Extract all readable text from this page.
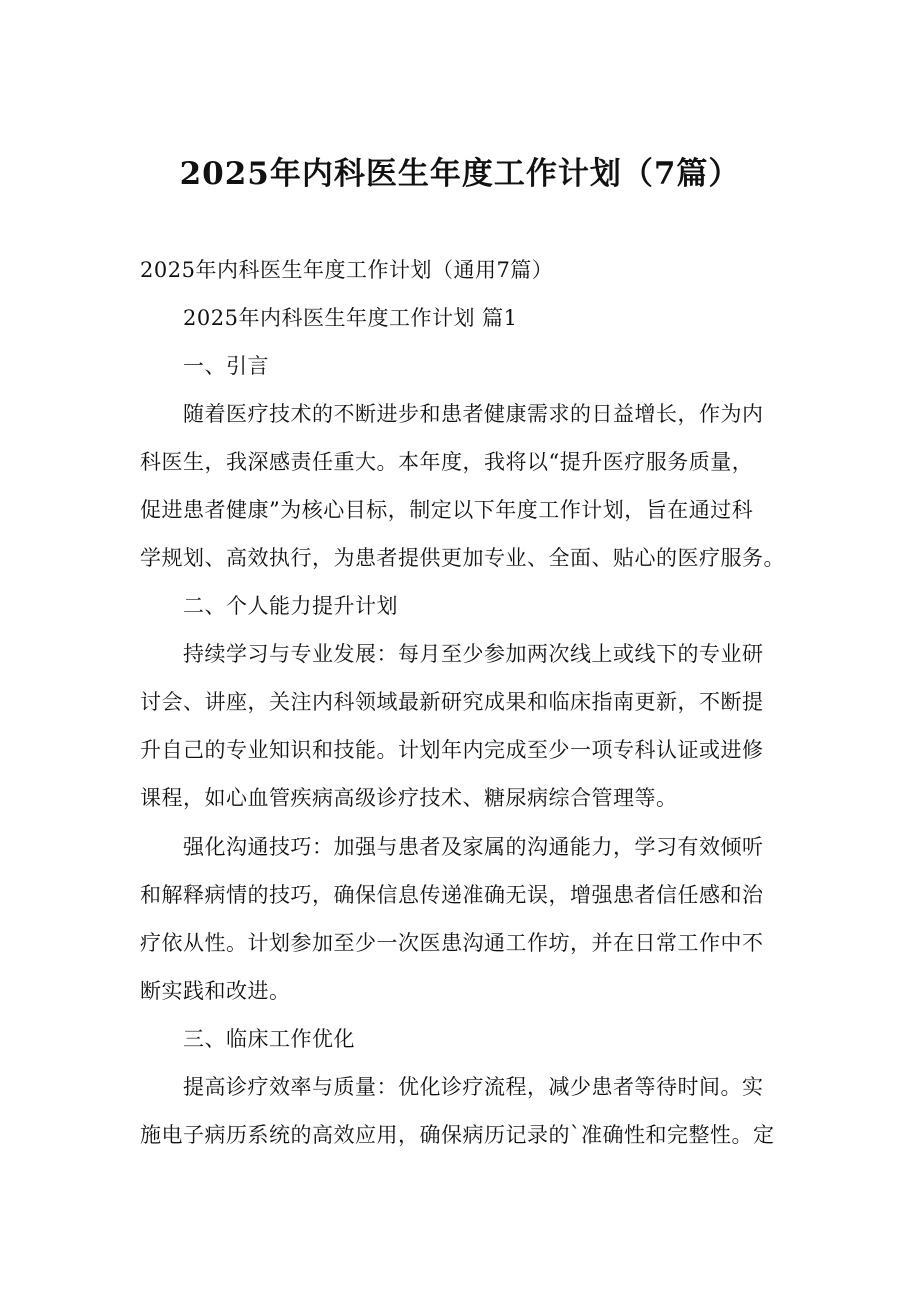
2025年内科医生年度工作计划（7篇）
2025年内科医生年度工作计划（通用7篇）
2025年内科医生年度工作计划 篇1
一、引言
随着医疗技术的不断进步和患者健康需求的日益增长，作为内
科医生，我深感责任重大。本年度，我将以“提升医疗服务质量，
促进患者健康”为核心目标，制定以下年度工作计划，旨在通过科
学规划、高效执行，为患者提供更加专业、全面、贴心的医疗服务。
二、个人能力提升计划
持续学习与专业发展：每月至少参加两次线上或线下的专业研
讨会、讲座，关注内科领域最新研究成果和临床指南更新，不断提
升自己的专业知识和技能。计划年内完成至少一项专科认证或进修
课程，如心血管疾病高级诊疗技术、糖尿病综合管理等。
强化沟通技巧：加强与患者及家属的沟通能力，学习有效倾听
和解释病情的技巧，确保信息传递准确无误，增强患者信任感和治
疗依从性。计划参加至少一次医患沟通工作坊，并在日常工作中不
断实践和改进。
三、临床工作优化
提高诊疗效率与质量：优化诊疗流程，减少患者等待时间。实
施电子病历系统的高效应用，确保病历记录的`准确性和完整性。定
